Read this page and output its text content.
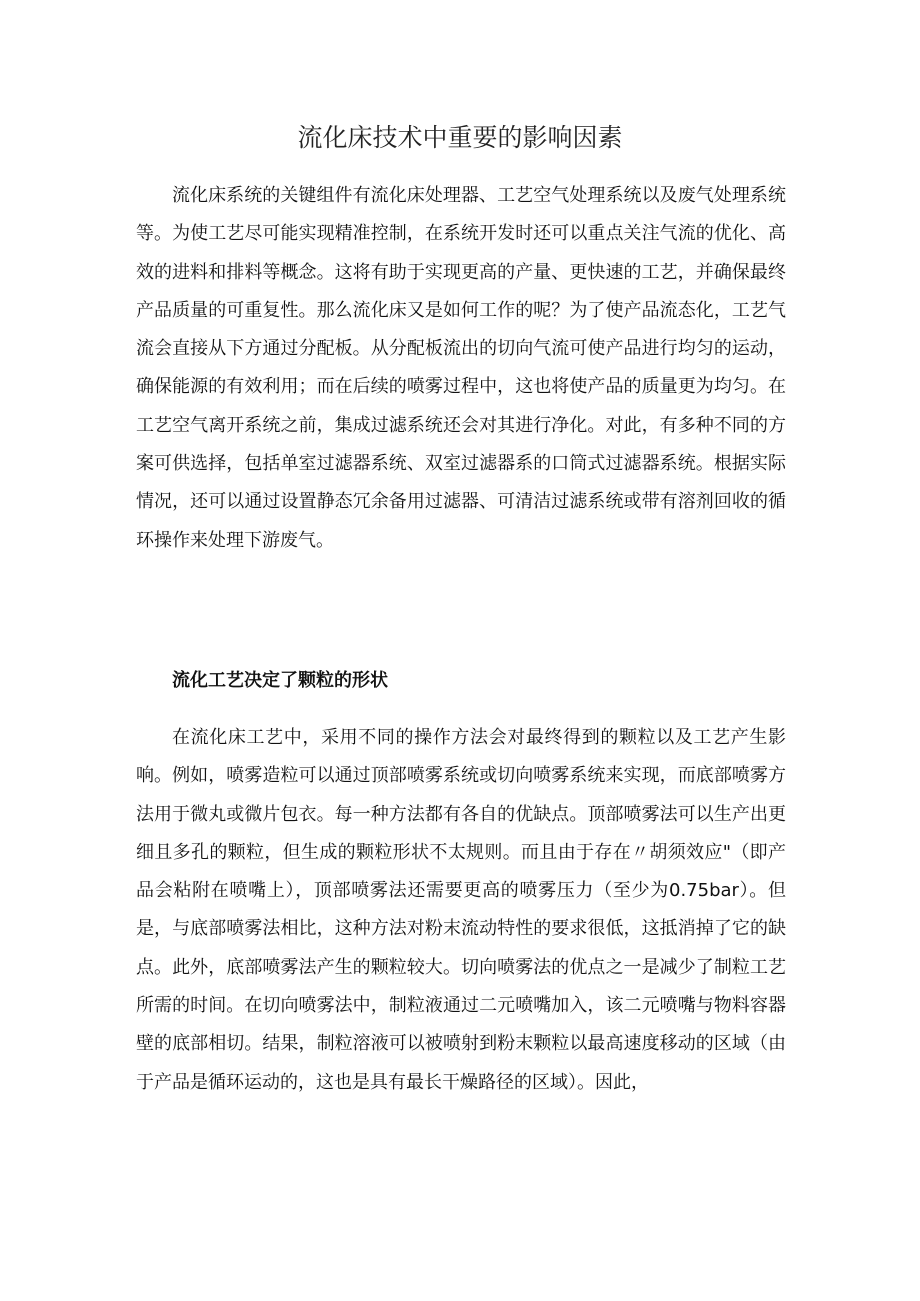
流化床技术中重要的影响因素

流化床系统的关键组件有流化床处理器、工艺空气处理系统以及废气处理系统等。为使工艺尽可能实现精准控制，在系统开发时还可以重点关注气流的优化、高效的进料和排料等概念。这将有助于实现更高的产量、更快速的工艺，并确保最终产品质量的可重复性。那么流化床又是如何工作的呢？为了使产品流态化，工艺气流会直接从下方通过分配板。从分配板流出的切向气流可使产品进行均匀的运动，确保能源的有效利用；而在后续的喷雾过程中，这也将使产品的质量更为均匀。在工艺空气离开系统之前，集成过滤系统还会对其进行净化。对此，有多种不同的方案可供选择，包括单室过滤器系统、双室过滤器系的口筒式过滤器系统。根据实际情况，还可以通过设置静态冗余备用过滤器、可清洁过滤系统或带有溶剂回收的循环操作来处理下游废气。

流化工艺决定了颗粒的形状

在流化床工艺中，采用不同的操作方法会对最终得到的颗粒以及工艺产生影响。例如，喷雾造粒可以通过顶部喷雾系统或切向喷雾系统来实现，而底部喷雾方法用于微丸或微片包衣。每一种方法都有各自的优缺点。顶部喷雾法可以生产出更细且多孔的颗粒，但生成的颗粒形状不太规则。而且由于存在〃胡须效应"（即产品会粘附在喷嘴上），顶部喷雾法还需要更高的喷雾压力（至少为0.75bar）。但是，与底部喷雾法相比，这种方法对粉末流动特性的要求很低，这抵消掉了它的缺点。此外，底部喷雾法产生的颗粒较大。切向喷雾法的优点之一是减少了制粒工艺所需的时间。在切向喷雾法中，制粒液通过二元喷嘴加入，该二元喷嘴与物料容器壁的底部相切。结果，制粒溶液可以被喷射到粉末颗粒以最高速度移动的区域（由于产品是循环运动的，这也是具有最长干燥路径的区域）。因此，
